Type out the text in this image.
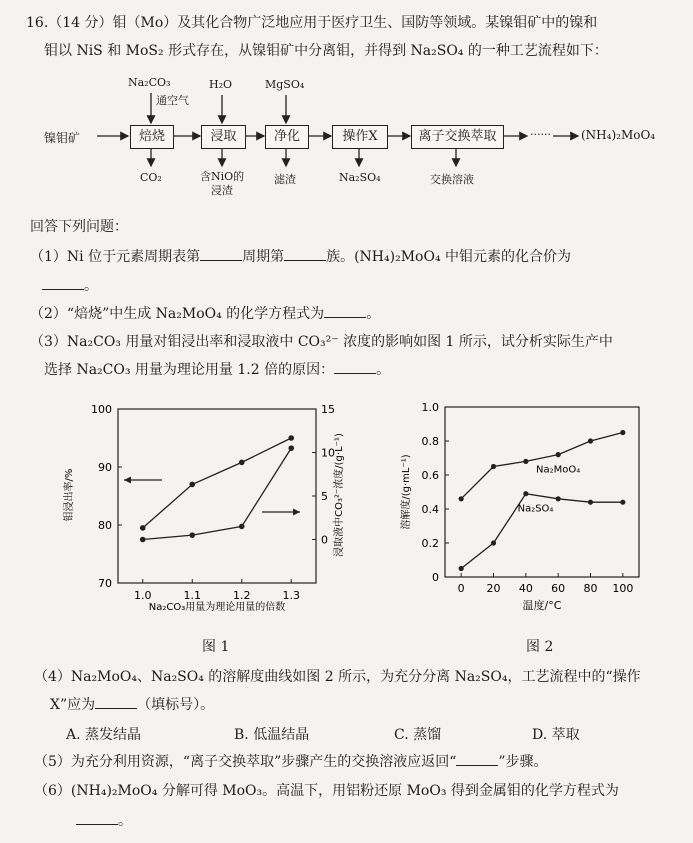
16.（14 分）钼（Mo）及其化合物广泛地应用于医疗卫生、国防等领域。某镍钼矿中的镍和
钼以 NiS 和 MoS₂ 形式存在，从镍钼矿中分离钼，并得到 Na₂SO₄ 的一种工艺流程如下：
镍钼矿	焙烧	浸取	净化	操作X	离子交换萃取	······	(NH₄)₂MoO₄
Na₂CO₃
通空气
H₂O	MgSO₄
CO₂	含NiO的
浸渣
滤渣	Na₂SO₄	交换溶液
回答下列问题：
（1）Ni 位于元素周期表第	周期第	族。(NH₄)₂MoO₄ 中钼元素的化合价为
。
（2）“焙烧”中生成 Na₂MoO₄ 的化学方程式为	。
（3）Na₂CO₃ 用量对钼浸出率和浸取液中 CO₃²⁻ 浓度的影响如图 1 所示，试分析实际生产中
选择 Na₂CO₃ 用量为理论用量 1.2 倍的原因：	。
1.0	1.1	1.2	1.3
70
80
90
100
0
5
10
15
钼浸出率/%	浸取液中CO₃²⁻浓度/(g·L⁻¹)
Na₂CO₃用量为理论用量的倍数
0 20 40 60 80 100
0
0.2
0.4
0.6
0.8
1.0
Na₂MoO₄
Na₂SO₄
溶解度/(g·mL⁻¹)
温度/°C
图 1	图 2
（4）Na₂MoO₄、Na₂SO₄ 的溶解度曲线如图 2 所示，为充分分离 Na₂SO₄，工艺流程中的“操作
X”应为	（填标号）。
A. 蒸发结晶	B. 低温结晶	C. 蒸馏	D. 萃取
（5）为充分利用资源，“离子交换萃取”步骤产生的交换溶液应返回“	”步骤。
（6）(NH₄)₂MoO₄ 分解可得 MoO₃。高温下，用铝粉还原 MoO₃ 得到金属钼的化学方程式为
。
